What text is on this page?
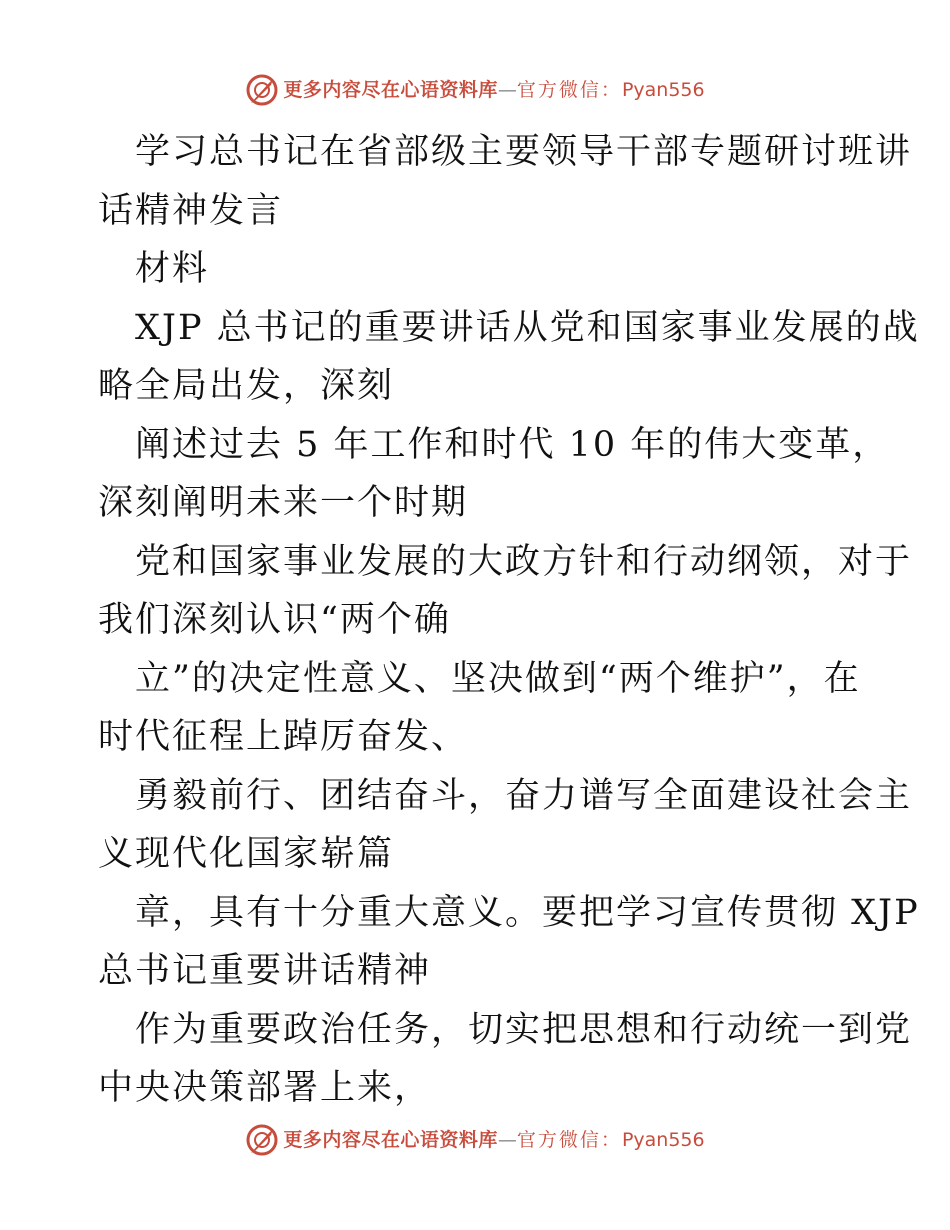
更多内容尽在心语资料库 — 官方微信： Pyan556
学习总书记在省部级主要领导干部专题研讨班讲
话精神发言
材料
XJP 总书记的重要讲话从党和国家事业发展的战
略全局出发，深刻
阐述过去 5 年工作和时代 10 年的伟大变革，
深刻阐明未来一个时期
党和国家事业发展的大政方针和行动纲领，对于
我们深刻认识“两个确
立”的决定性意义、坚决做到“两个维护”，在
时代征程上踔厉奋发、
勇毅前行、团结奋斗，奋力谱写全面建设社会主
义现代化国家崭篇
章，具有十分重大意义。要把学习宣传贯彻 XJP
总书记重要讲话精神
作为重要政治任务，切实把思想和行动统一到党
中央决策部署上来，
更多内容尽在心语资料库 — 官方微信： Pyan556
